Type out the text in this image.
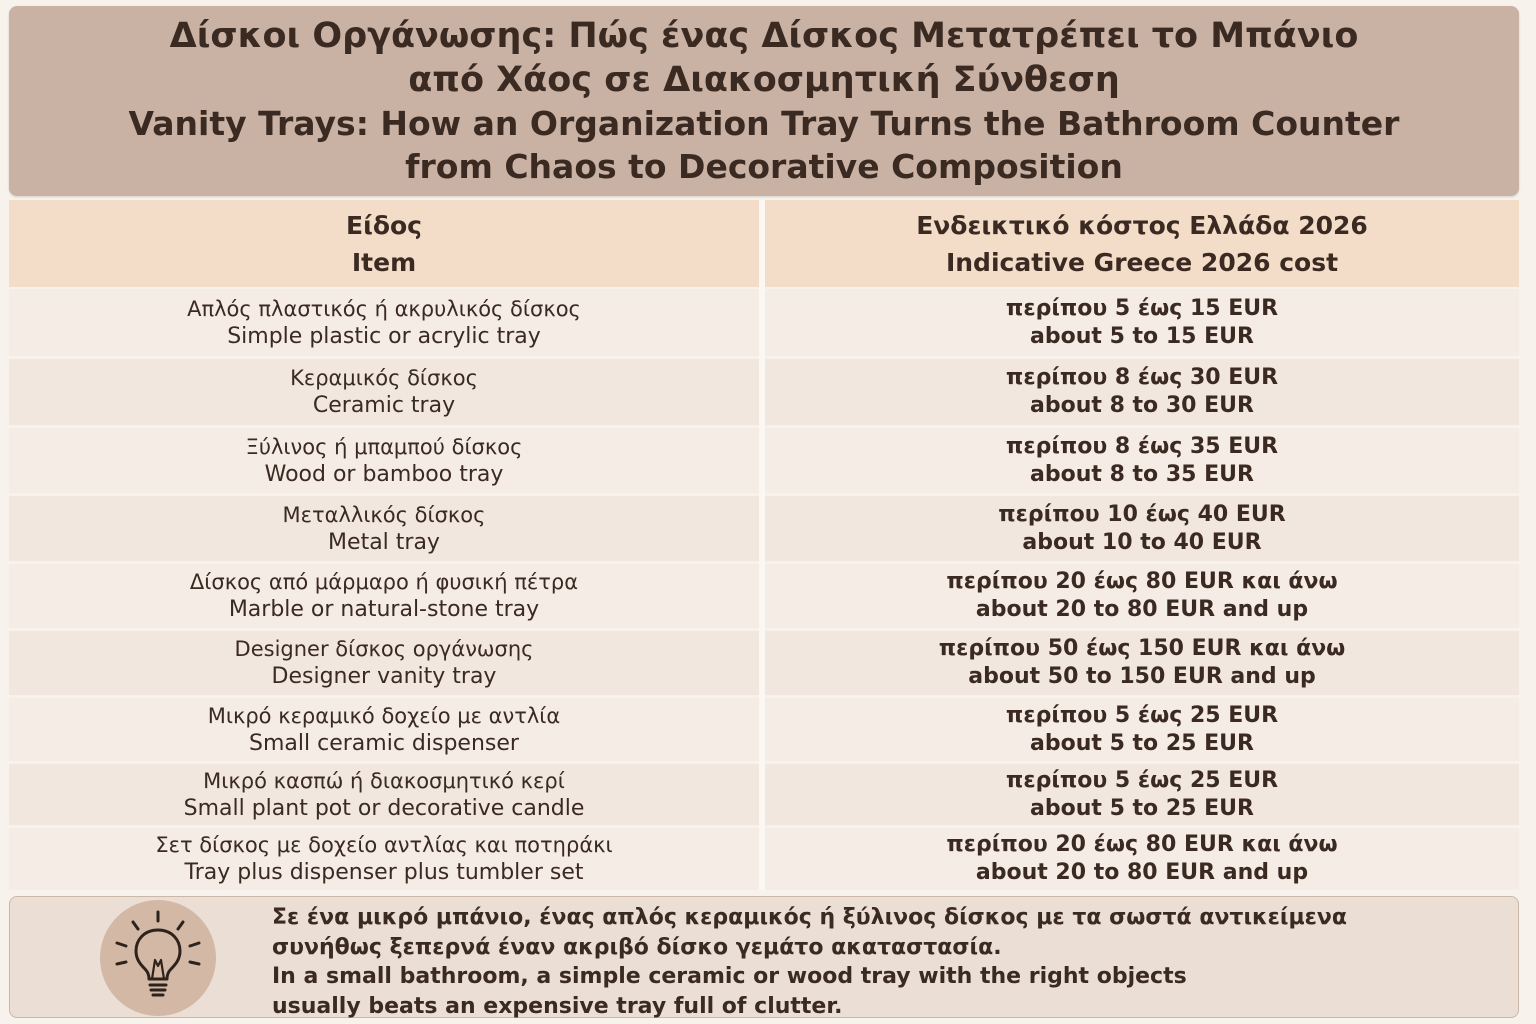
Δίσκοι Οργάνωσης: Πώς ένας Δίσκος Μετατρέπει το Μπάνιο
από Χάος σε Διακοσμητική Σύνθεση
Vanity Trays: How an Organization Tray Turns the Bathroom Counter
from Chaos to Decorative Composition
Είδος
Item
Ενδεικτικό κόστος Ελλάδα 2026
Indicative Greece 2026 cost
Απλός πλαστικός ή ακρυλικός δίσκος
Simple plastic or acrylic tray
περίπου 5 έως 15 EUR
about 5 to 15 EUR
Κεραμικός δίσκος
Ceramic tray
περίπου 8 έως 30 EUR
about 8 to 30 EUR
Ξύλινος ή μπαμπού δίσκος
Wood or bamboo tray
περίπου 8 έως 35 EUR
about 8 to 35 EUR
Μεταλλικός δίσκος
Metal tray
περίπου 10 έως 40 EUR
about 10 to 40 EUR
Δίσκος από μάρμαρο ή φυσική πέτρα
Marble or natural-stone tray
περίπου 20 έως 80 EUR και άνω
about 20 to 80 EUR and up
Designer δίσκος οργάνωσης
Designer vanity tray
περίπου 50 έως 150 EUR και άνω
about 50 to 150 EUR and up
Μικρό κεραμικό δοχείο με αντλία
Small ceramic dispenser
περίπου 5 έως 25 EUR
about 5 to 25 EUR
Μικρό κασπώ ή διακοσμητικό κερί
Small plant pot or decorative candle
περίπου 5 έως 25 EUR
about 5 to 25 EUR
Σετ δίσκος με δοχείο αντλίας και ποτηράκι
Tray plus dispenser plus tumbler set
περίπου 20 έως 80 EUR και άνω
about 20 to 80 EUR and up
Σε ένα μικρό μπάνιο, ένας απλός κεραμικός ή ξύλινος δίσκος με τα σωστά αντικείμενα
συνήθως ξεπερνά έναν ακριβό δίσκο γεμάτο ακαταστασία.
In a small bathroom, a simple ceramic or wood tray with the right objects
usually beats an expensive tray full of clutter.
